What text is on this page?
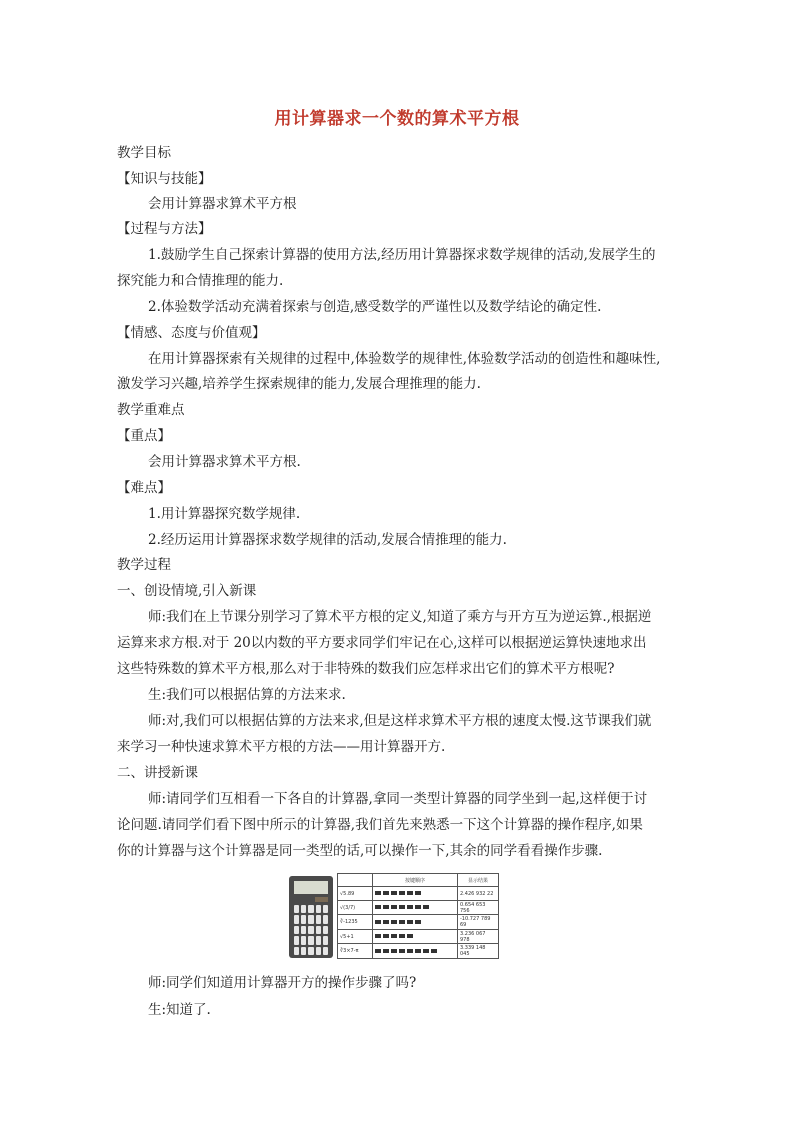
用计算器求一个数的算术平方根
教学目标
【知识与技能】
会用计算器求算术平方根
【过程与方法】
1.鼓励学生自己探索计算器的使用方法,经历用计算器探求数学规律的活动,发展学生的
探究能力和合情推理的能力.
2.体验数学活动充满着探索与创造,感受数学的严谨性以及数学结论的确定性.
【情感、态度与价值观】
在用计算器探索有关规律的过程中,体验数学的规律性,体验数学活动的创造性和趣味性,
激发学习兴趣,培养学生探索规律的能力,发展合理推理的能力.
教学重难点
【重点】
会用计算器求算术平方根.
【难点】
1.用计算器探究数学规律.
2.经历运用计算器探求数学规律的活动,发展合情推理的能力.
教学过程
一、创设情境,引入新课
师:我们在上节课分别学习了算术平方根的定义,知道了乘方与开方互为逆运算.,根据逆
运算来求方根.对于 20以内数的平方要求同学们牢记在心,这样可以根据逆运算快速地求出
这些特殊数的算术平方根,那么对于非特殊的数我们应怎样求出它们的算术平方根呢?
生:我们可以根据估算的方法来求.
师:对,我们可以根据估算的方法来求,但是这样求算术平方根的速度太慢.这节课我们就
来学习一种快速求算术平方根的方法——用计算器开方.
二、讲授新课
师:请同学们互相看一下各自的计算器,拿同一类型计算器的同学坐到一起,这样便于讨
论问题.请同学们看下图中所示的计算器,我们首先来熟悉一下这个计算器的操作程序,如果
你的计算器与这个计算器是同一类型的话,可以操作一下,其余的同学看看操作步骤.
	按键顺序	显示结果
√5.89		2.426 932 22
√(3/7)		0.654 653 756
∛-1235		-10.727 789 69
√5+1		3.236 067 978
∛3×7-π		3.339 148 045
师:同学们知道用计算器开方的操作步骤了吗?
生:知道了.
